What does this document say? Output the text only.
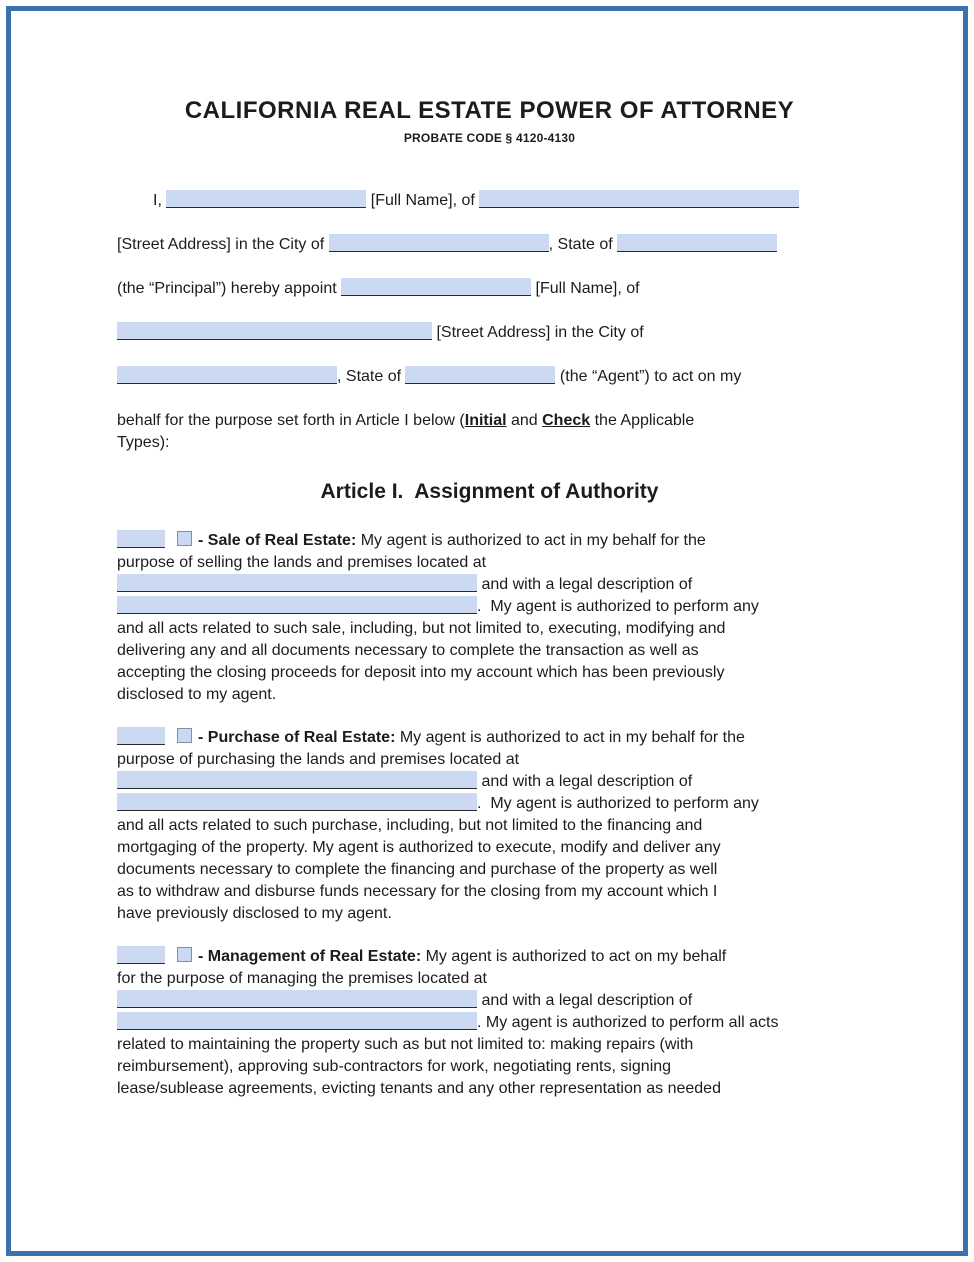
CALIFORNIA REAL ESTATE POWER OF ATTORNEY
PROBATE CODE § 4120-4130
I,	[Full Name], of
[Street Address] in the City of	, State of
(the “Principal”) hereby appoint	[Full Name], of
[Street Address] in the City of
, State of	(the “Agent”) to act on my
behalf for the purpose set forth in Article I below (Initial and Check the Applicable
Types):
Article I.  Assignment of Authority
- Sale of Real Estate: My agent is authorized to act in my behalf for the
purpose of selling the lands and premises located at
and with a legal description of
.  My agent is authorized to perform any
and all acts related to such sale, including, but not limited to, executing, modifying and
delivering any and all documents necessary to complete the transaction as well as
accepting the closing proceeds for deposit into my account which has been previously
disclosed to my agent.
- Purchase of Real Estate: My agent is authorized to act in my behalf for the
purpose of purchasing the lands and premises located at
and with a legal description of
.  My agent is authorized to perform any
and all acts related to such purchase, including, but not limited to the financing and
mortgaging of the property. My agent is authorized to execute, modify and deliver any
documents necessary to complete the financing and purchase of the property as well
as to withdraw and disburse funds necessary for the closing from my account which I
have previously disclosed to my agent.
- Management of Real Estate: My agent is authorized to act on my behalf
for the purpose of managing the premises located at
and with a legal description of
. My agent is authorized to perform all acts
related to maintaining the property such as but not limited to: making repairs (with
reimbursement), approving sub-contractors for work, negotiating rents, signing
lease/sublease agreements, evicting tenants and any other representation as needed
